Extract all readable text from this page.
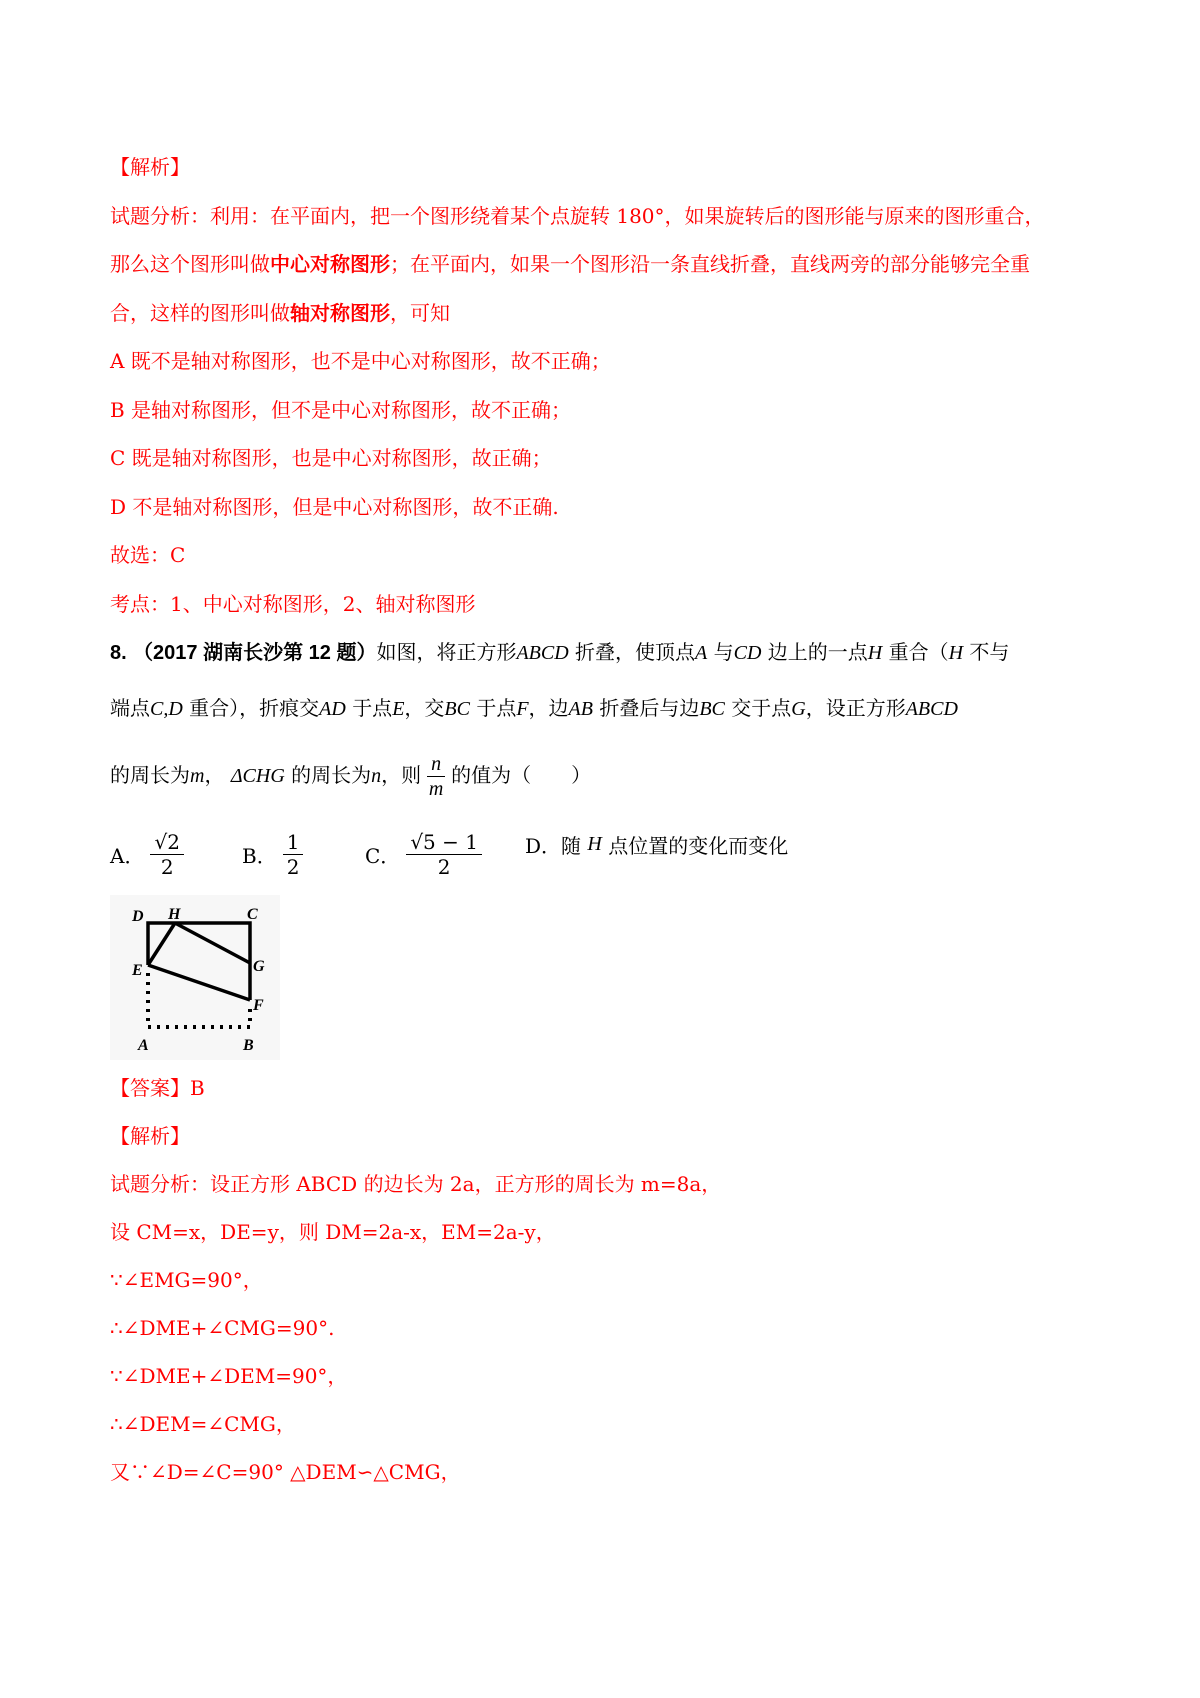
【解析】
试题分析：利用：在平面内，把一个图形绕着某个点旋转 180°，如果旋转后的图形能与原来的图形重合，
那么这个图形叫做中心对称图形；在平面内，如果一个图形沿一条直线折叠，直线两旁的部分能够完全重
合，这样的图形叫做轴对称图形，可知
A 既不是轴对称图形，也不是中心对称图形，故不正确；
B 是轴对称图形，但不是中心对称图形，故不正确；
C 既是轴对称图形，也是中心对称图形，故正确；
D 不是轴对称图形，但是中心对称图形，故不正确.
故选：C
考点：1、中心对称图形，2、轴对称图形
8. （2017 湖南长沙第 12 题）如图，将正方形ABCD 折叠，使顶点A 与CD 边上的一点H 重合（H 不与
端点C,D 重合），折痕交AD 于点E，交BC 于点F，边AB 折叠后与边BC 交于点G，设正方形ABCD
的周长为m， ΔCHG 的周长为n，则 $\frac{n}{m}$ 的值为（　　）
A． $\frac{√2}{2}$	B． $\frac{1}{2}$	C． $\frac{√5 - 1}{2}$ D．随
H
点位置的变化而变化
D H	C
G
E
F
A	B
【答案】B
【解析】
试题分析：设正方形 ABCD 的边长为 2a，正方形的周长为 m=8a，
设 CM=x，DE=y，则 DM=2a-x，EM=2a-y，
∵∠EMG=90°，
∴∠DME+∠CMG=90°.
∵∠DME+∠DEM=90°，
∴∠DEM=∠CMG，
又∵∠D=∠C=90° △DEM∽△CMG，
